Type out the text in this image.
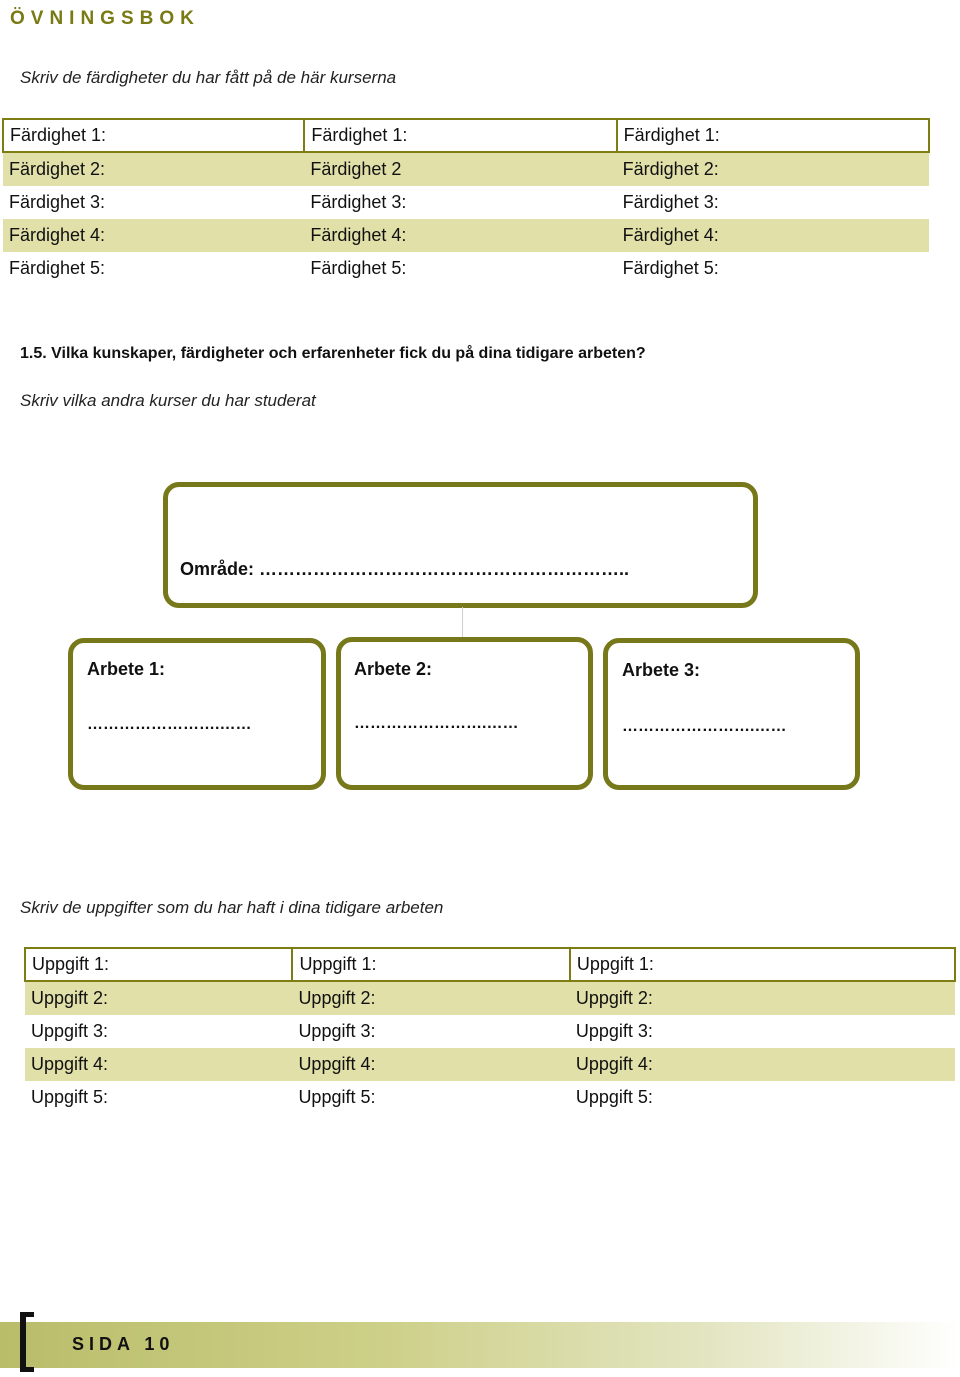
ÖVNINGSBOK
Skriv de färdigheter du har fått på de här kurserna
Färdighet 1:	Färdighet 1:	Färdighet 1:
Färdighet 2:	Färdighet 2	Färdighet 2:
Färdighet 3:	Färdighet 3:	Färdighet 3:
Färdighet 4:	Färdighet 4:	Färdighet 4:
Färdighet 5:	Färdighet 5:	Färdighet 5:
1.5. Vilka kunskaper, färdigheter och erfarenheter fick du på dina tidigare arbeten?
Skriv vilka andra kurser du har studerat
Område: ……………………………………………………..
Arbete 1:
…………………….……
Arbete 2:
…………………….……
Arbete 3:
…………………….……
Skriv de uppgifter som du har haft i dina tidigare arbeten
Uppgift 1:	Uppgift 1:	Uppgift 1:
Uppgift 2:	Uppgift 2:	Uppgift 2:
Uppgift 3:	Uppgift 3:	Uppgift 3:
Uppgift 4:	Uppgift 4:	Uppgift 4:
Uppgift 5:	Uppgift 5:	Uppgift 5:
SIDA 10
